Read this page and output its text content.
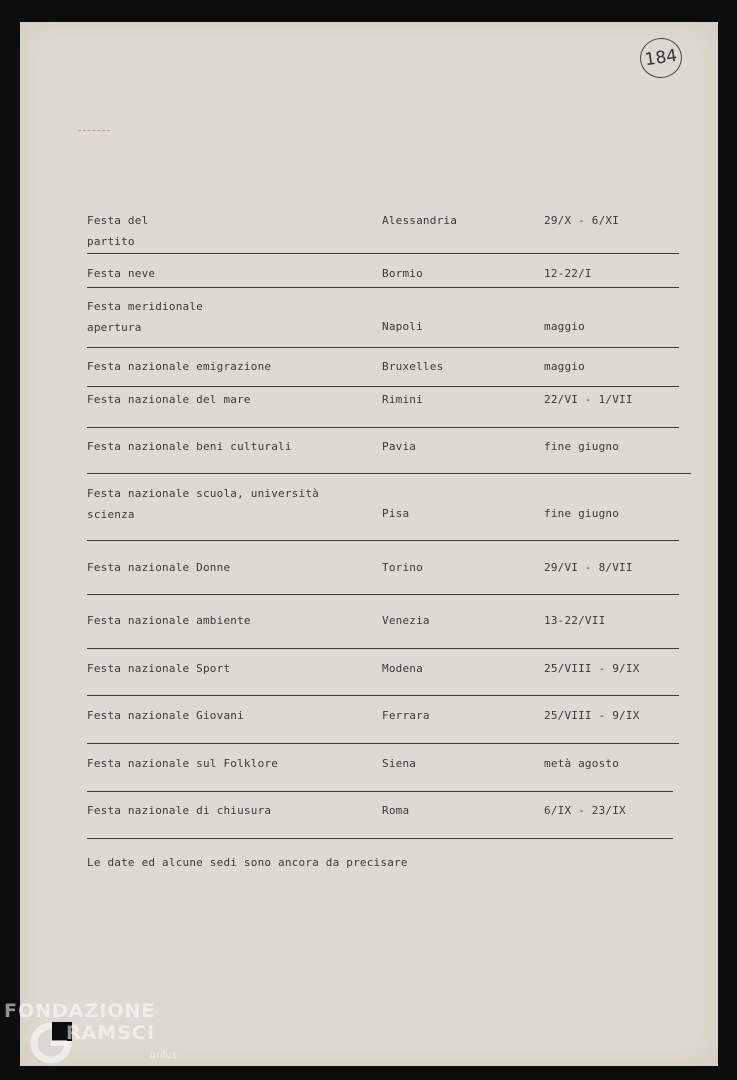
184
Festa del
partito
Alessandria	29/X - 6/XI
Festa neve	Bormio	12-22/I
Festa meridionale
apertura	Napoli	maggio
Festa nazionale emigrazione	Bruxelles	maggio
Festa nazionale del mare	Rimini	22/VI - 1/VII
Festa nazionale beni culturali	Pavia	fine giugno
Festa nazionale scuola, università
scienza	Pisa	fine giugno
Festa nazionale Donne	Torino	29/VI - 8/VII
Festa nazionale ambiente	Venezia	13-22/VII
Festa nazionale Sport	Modena	25/VIII - 9/IX
Festa nazionale Giovani	Ferrara	25/VIII - 9/IX
Festa nazionale sul Folklore	Siena	metà agosto
Festa nazionale di chiusura	Roma	6/IX - 23/IX
Le date ed alcune sedi sono ancora da precisare
FONDAZIONE
RAMSCI
onlus
